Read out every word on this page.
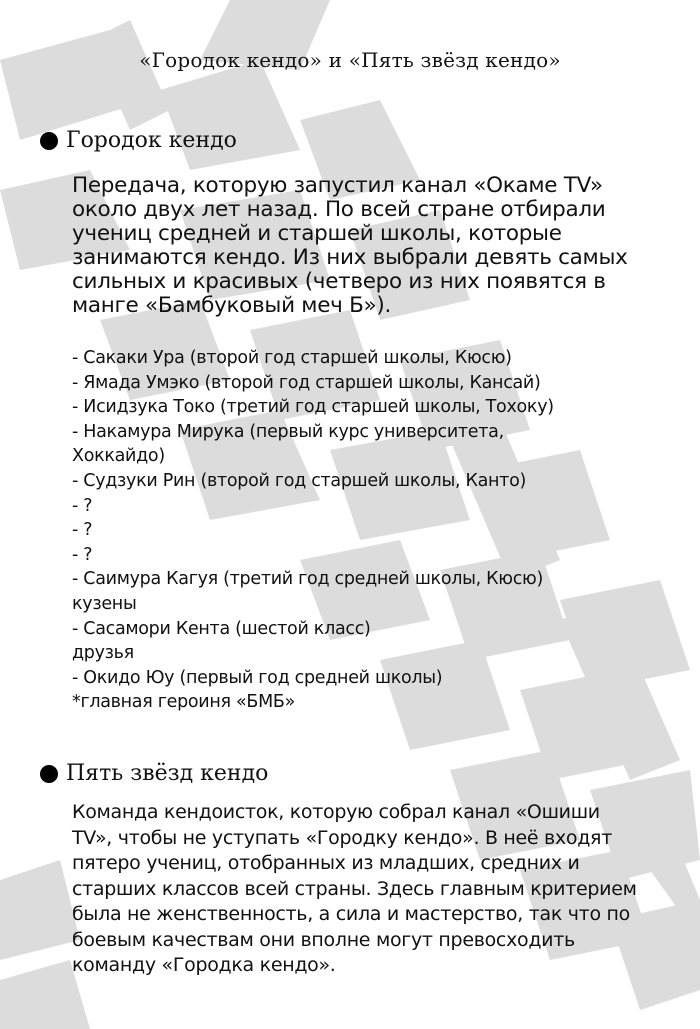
«Городок кендо» и «Пять звёзд кендо»
Городок кендо

Передача, которую запустил канал «Окаме TV»

около двух лет назад. По всей стране отбирали

учениц средней и старшей школы, которые

занимаются кендо. Из них выбрали девять самых

сильных и красивых (четверо из них появятся в

манге «Бамбуковый меч Б»).

- Сакаки Ура (второй год старшей школы, Кюсю)
- Ямада Умэко (второй год старшей школы, Кансай)
- Исидзука Токо (третий год старшей школы, Тохоку)
- Накамура Мирука (первый курс университета,
Хоккайдо)
- Судзуки Рин (второй год старшей школы, Канто)
- ?
- ?
- ?
- Саимура Кагуя (третий год средней школы, Кюсю)
кузены
- Сасамори Кента (шестой класс)
друзья
- Окидо Юу (первый год средней школы)
*главная героиня «БМБ»
Пять звёзд кендо

Команда кендоисток, которую собрал канал «Ошиши

TV», чтобы не уступать «Городку кендо». В неё входят

пятеро учениц, отобранных из младших, средних и

старших классов всей страны. Здесь главным критерием

была не женственность, а сила и мастерство, так что по

боевым качествам они вполне могут превосходить

команду «Городка кендо».
